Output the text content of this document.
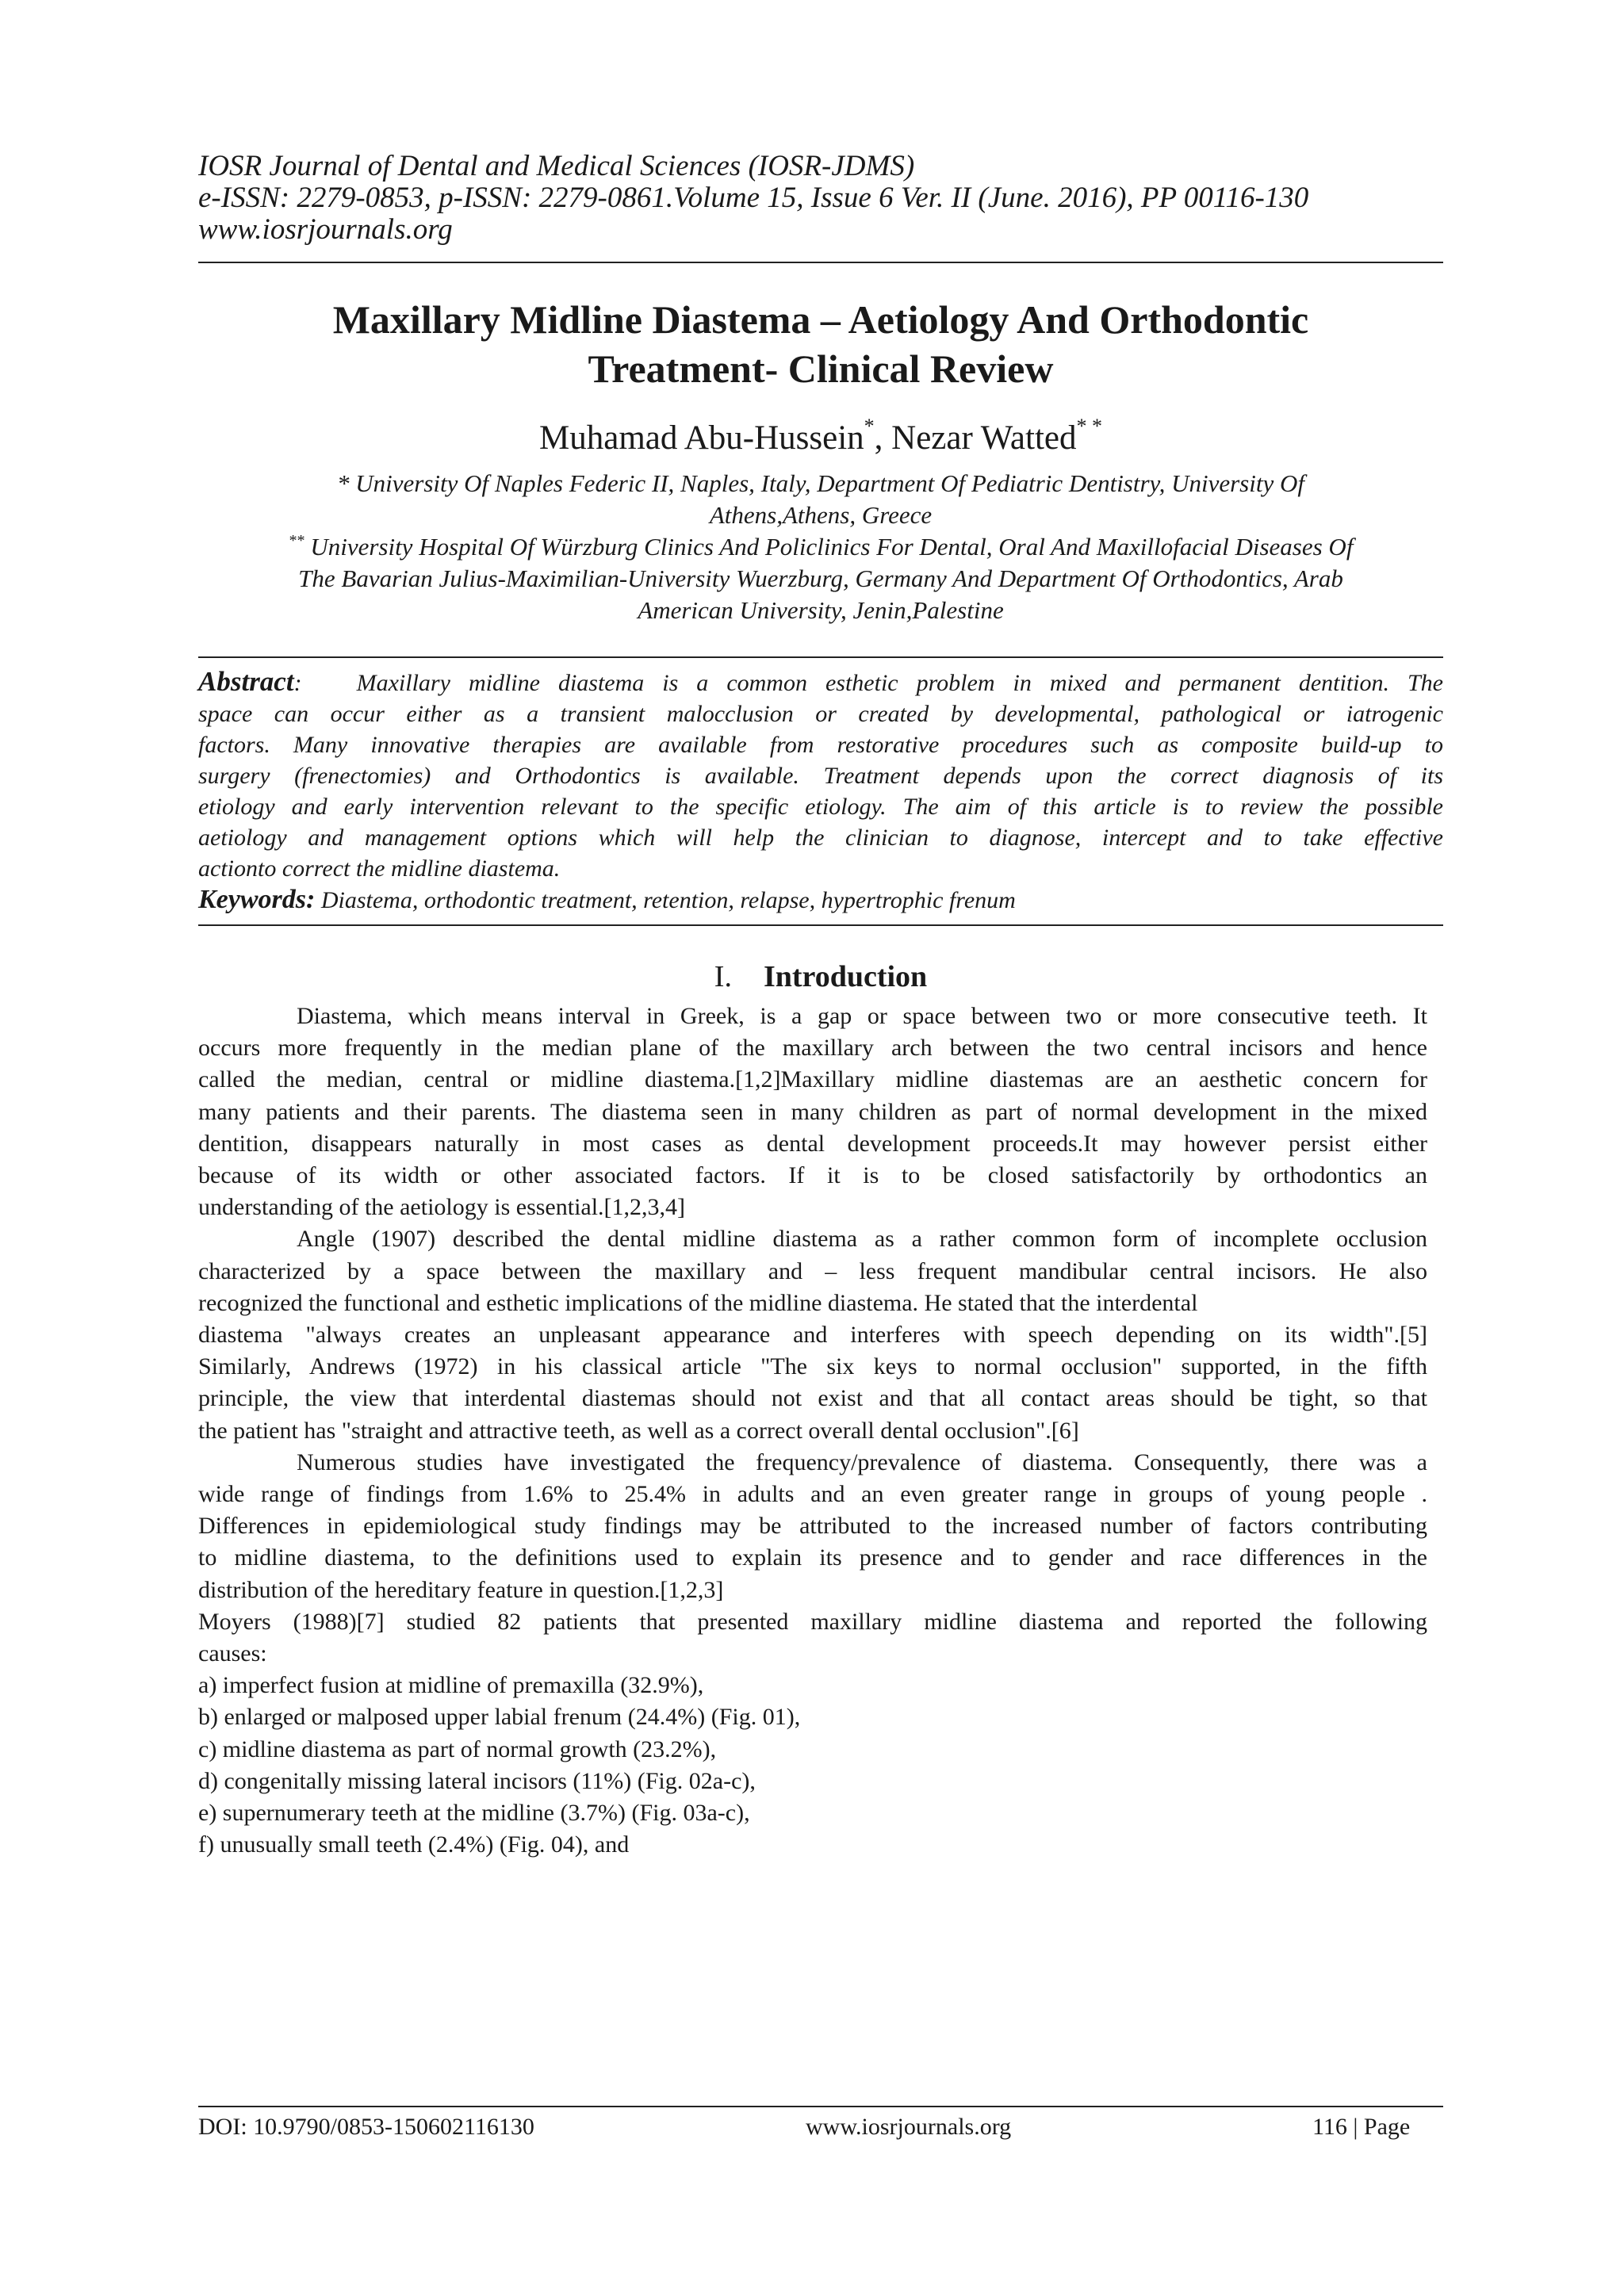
IOSR Journal of Dental and Medical Sciences (IOSR-JDMS)
e-ISSN: 2279-0853, p-ISSN: 2279-0861.Volume 15, Issue 6 Ver. II (June. 2016), PP 00116-130
www.iosrjournals.org
Maxillary Midline Diastema – Aetiology And Orthodontic
Treatment- Clinical Review
Muhamad Abu-Hussein*, Nezar Watted* *
* University Of Naples Federic II, Naples, Italy, Department Of Pediatric Dentistry, University Of
Athens,Athens, Greece
** University Hospital Of Würzburg Clinics And Policlinics For Dental, Oral And Maxillofacial Diseases Of
The Bavarian Julius-Maximilian-University Wuerzburg, Germany And Department Of Orthodontics, Arab
American University, Jenin,Palestine
Abstract: Maxillary midline diastema is a common esthetic problem in mixed and permanent dentition. The
space can occur either as a transient malocclusion or created by developmental, pathological or iatrogenic
factors. Many innovative therapies are available from restorative procedures such as composite build-up to
surgery (frenectomies) and Orthodontics is available. Treatment depends upon the correct diagnosis of its
etiology and early intervention relevant to the specific etiology. The aim of this article is to review the possible
aetiology and management options which will help the clinician to diagnose, intercept and to take effective
actionto correct the midline diastema.
Keywords: Diastema, orthodontic treatment, retention, relapse, hypertrophic frenum
I. Introduction
Diastema, which means interval in Greek, is a gap or space between two or more consecutive teeth. It
occurs more frequently in the median plane of the maxillary arch between the two central incisors and hence
called the median, central or midline diastema.[1,2]Maxillary midline diastemas are an aesthetic concern for
many patients and their parents. The diastema seen in many children as part of normal development in the mixed
dentition, disappears naturally in most cases as dental development proceeds.It may however persist either
because of its width or other associated factors. If it is to be closed satisfactorily by orthodontics an
understanding of the aetiology is essential.[1,2,3,4]
Angle (1907) described the dental midline diastema as a rather common form of incomplete occlusion
characterized by a space between the maxillary and – less frequent mandibular central incisors. He also
recognized the functional and esthetic implications of the midline diastema. He stated that the interdental
diastema "always creates an unpleasant appearance and interferes with speech depending on its width".[5]
Similarly, Andrews (1972) in his classical article "The six keys to normal occlusion" supported, in the fifth
principle, the view that interdental diastemas should not exist and that all contact areas should be tight, so that
the patient has "straight and attractive teeth, as well as a correct overall dental occlusion".[6]
Numerous studies have investigated the frequency/prevalence of diastema. Consequently, there was a
wide range of findings from 1.6% to 25.4% in adults and an even greater range in groups of young people .
Differences in epidemiological study findings may be attributed to the increased number of factors contributing
to midline diastema, to the definitions used to explain its presence and to gender and race differences in the
distribution of the hereditary feature in question.[1,2,3]
Moyers (1988)[7] studied 82 patients that presented maxillary midline diastema and reported the following
causes:
a) imperfect fusion at midline of premaxilla (32.9%),
b) enlarged or malposed upper labial frenum (24.4%) (Fig. 01),
c) midline diastema as part of normal growth (23.2%),
d) congenitally missing lateral incisors (11%) (Fig. 02a-c),
e) supernumerary teeth at the midline (3.7%) (Fig. 03a-c),
f) unusually small teeth (2.4%) (Fig. 04), and
DOI: 10.9790/0853-150602116130	www.iosrjournals.org	116 | Page
